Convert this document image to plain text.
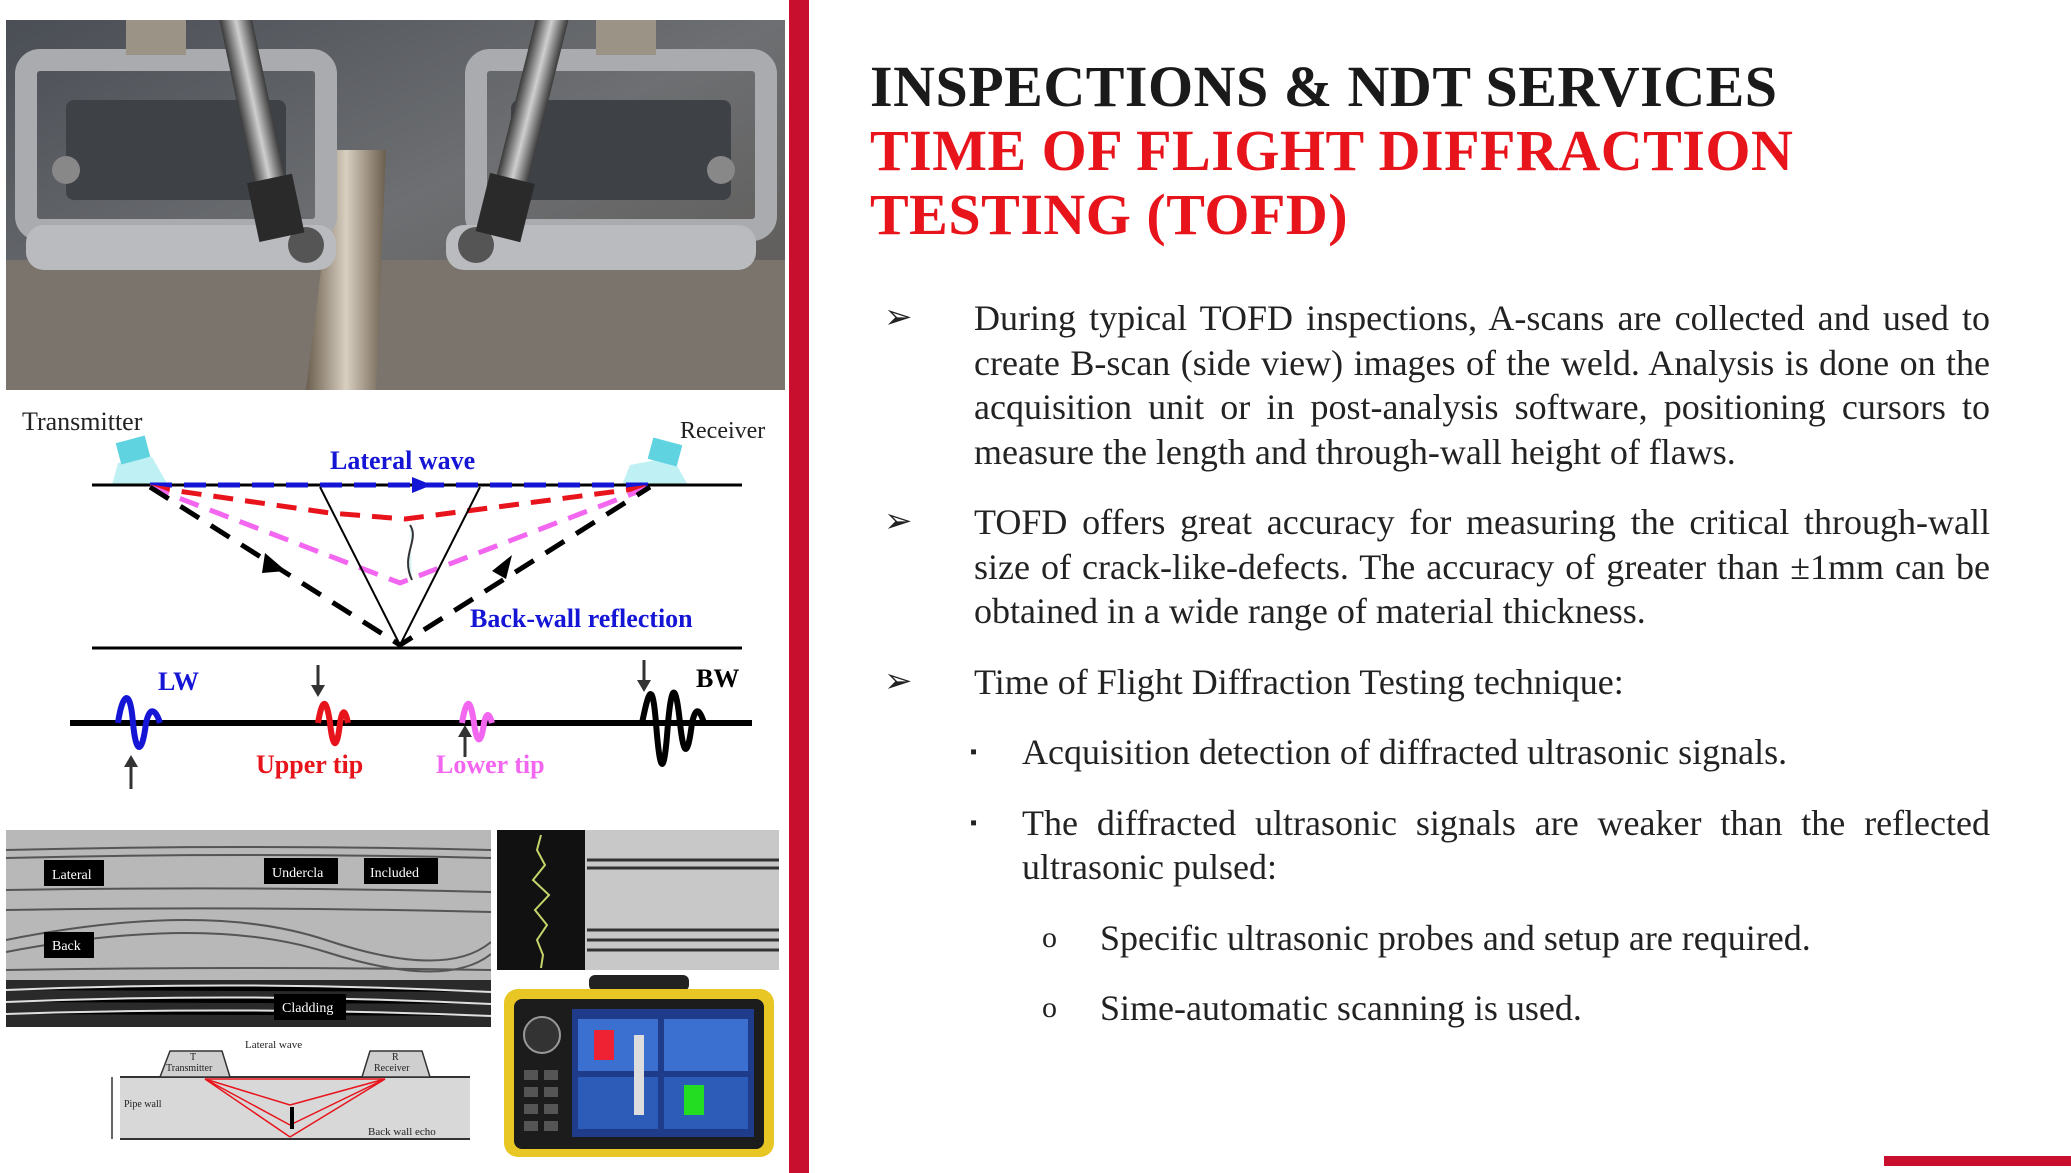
Transmitter	Receiver
Lateral wave
Back-wall reflection
LW
Upper tip	Lower tip
BW
Lateral	Undercla	Included
Back
Cladding
T
Transmitter
R
Receiver
Lateral wave
Pipe wall
Back wall echo
INSPECTIONS & NDT SERVICES
TIME OF FLIGHT DIFFRACTION
TESTING (TOFD)
➢ During typical TOFD inspections, A-scans are collected and used to create B-scan (side view) images of the weld. Analysis is done on the acquisition unit or in post-analysis software, positioning cursors to measure the length and through-wall height of flaws.
➢ TOFD offers great accuracy for measuring the critical through-wall size of crack-like-defects. The accuracy of greater than ±1mm can be obtained in a wide range of material thickness.
➢ Time of Flight Diffraction Testing technique:
▪ Acquisition detection of diffracted ultrasonic signals.
▪ The diffracted ultrasonic signals are weaker than the reflected ultrasonic pulsed:
o Specific ultrasonic probes and setup are required.
o Sime-automatic scanning is used.
